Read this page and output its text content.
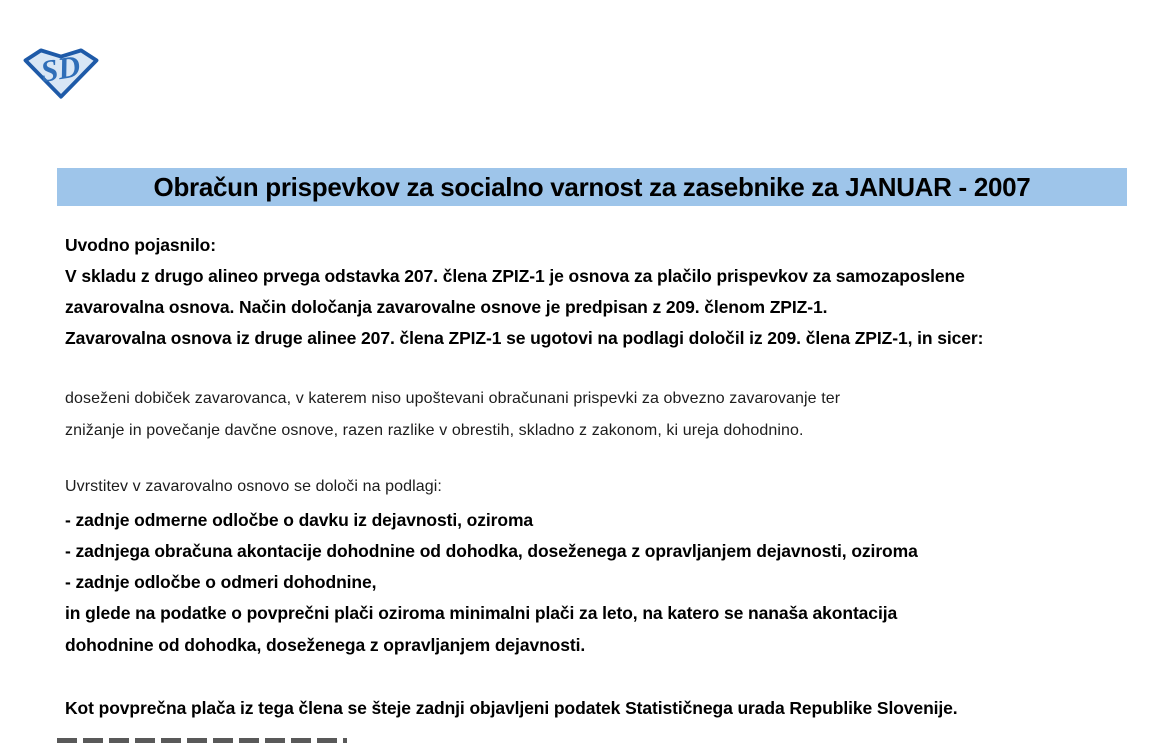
SD
Obračun prispevkov za socialno varnost za zasebnike za JANUAR - 2007
Uvodno pojasnilo:
V skladu z drugo alineo prvega odstavka 207. člena ZPIZ-1 je osnova za plačilo prispevkov za samozaposlene
zavarovalna osnova. Način določanja zavarovalne osnove je predpisan z 209. členom ZPIZ-1.
Zavarovalna osnova iz druge alinee 207. člena ZPIZ-1 se ugotovi na podlagi določil iz 209. člena ZPIZ-1, in sicer:
doseženi dobiček zavarovanca, v katerem niso upoštevani obračunani prispevki za obvezno zavarovanje ter
znižanje in povečanje davčne osnove, razen razlike v obrestih, skladno z zakonom, ki ureja dohodnino.
Uvrstitev v zavarovalno osnovo se določi na podlagi:
- zadnje odmerne odločbe o davku iz dejavnosti, oziroma
- zadnjega obračuna akontacije dohodnine od dohodka, doseženega z opravljanjem dejavnosti, oziroma
- zadnje odločbe o odmeri dohodnine,
in glede na podatke o povprečni plači oziroma minimalni plači za leto, na katero se nanaša akontacija
dohodnine od dohodka, doseženega z opravljanjem dejavnosti.
Kot povprečna plača iz tega člena se šteje zadnji objavljeni podatek Statističnega urada Republike Slovenije.
